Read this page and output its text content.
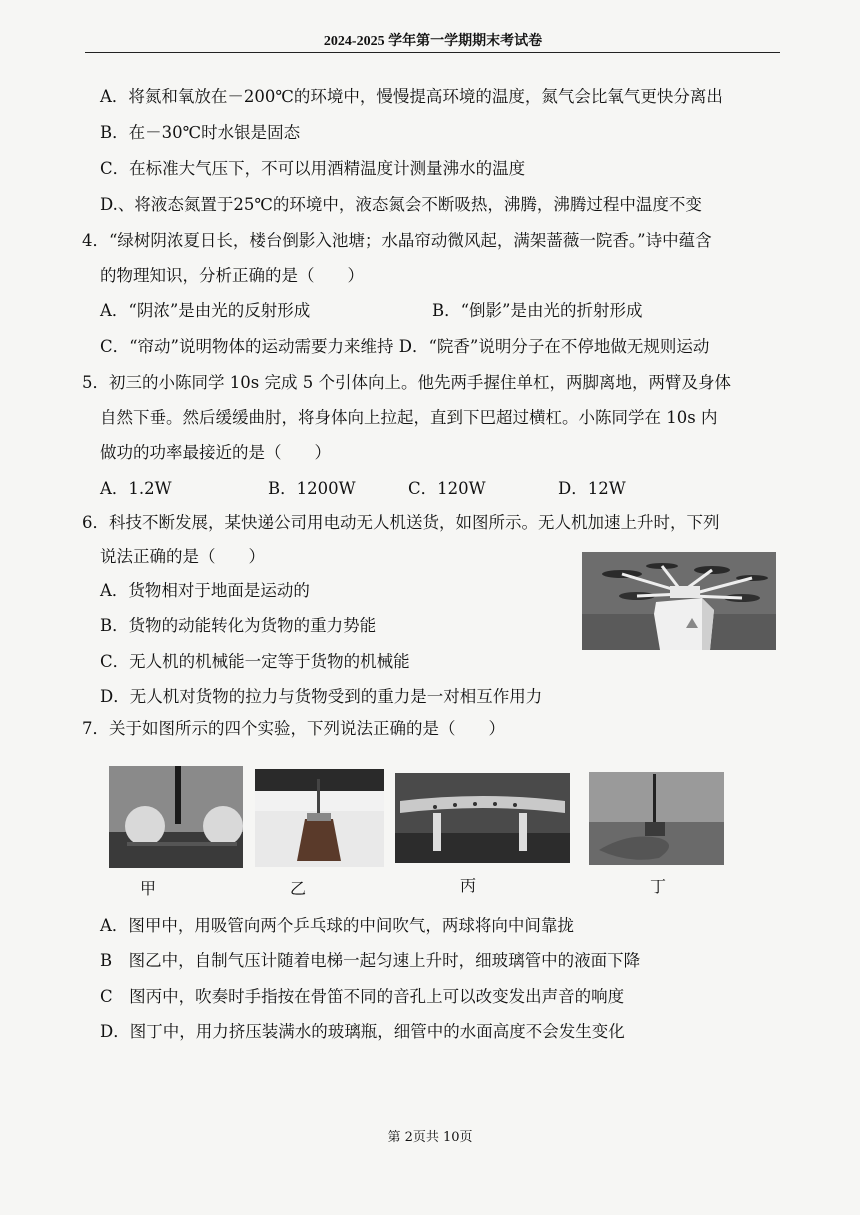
2024-2025 学年第一学期期末考试卷
A．将氮和氧放在－200℃的环境中，慢慢提高环境的温度，氮气会比氧气更快分离出
B．在－30℃时水银是固态
C．在标准大气压下，不可以用酒精温度计测量沸水的温度
D.、将液态氮置于25℃的环境中，液态氮会不断吸热，沸腾，沸腾过程中温度不变
4．“绿树阴浓夏日长，楼台倒影入池塘；水晶帘动微风起，满架蔷薇一院香。”诗中蕴含
的物理知识，分析正确的是（　　）
A．“阴浓”是由光的反射形成	B．“倒影”是由光的折射形成
C．“帘动”说明物体的运动需要力来维持 D．“院香”说明分子在不停地做无规则运动
5．初三的小陈同学 10s 完成 5 个引体向上。他先两手握住单杠，两脚离地，两臂及身体
自然下垂。然后缓缓曲肘，将身体向上拉起，直到下巴超过横杠。小陈同学在 10s 内
做功的功率最接近的是（　　）
A．1.2W	B．1200W	C．120W	D．12W
6．科技不断发展，某快递公司用电动无人机送货，如图所示。无人机加速上升时，下列
说法正确的是（　　）
A．货物相对于地面是运动的
B．货物的动能转化为货物的重力势能
C．无人机的机械能一定等于货物的机械能
D．无人机对货物的拉力与货物受到的重力是一对相互作用力
7．关于如图所示的四个实验，下列说法正确的是（　　）
甲	乙	丙	丁
A．图甲中，用吸管向两个乒乓球的中间吹气，两球将向中间靠拢
B　图乙中，自制气压计随着电梯一起匀速上升时，细玻璃管中的液面下降
C　图丙中，吹奏时手指按在骨笛不同的音孔上可以改变发出声音的响度
D．图丁中，用力挤压装满水的玻璃瓶，细管中的水面高度不会发生变化
第 2页共 10页
